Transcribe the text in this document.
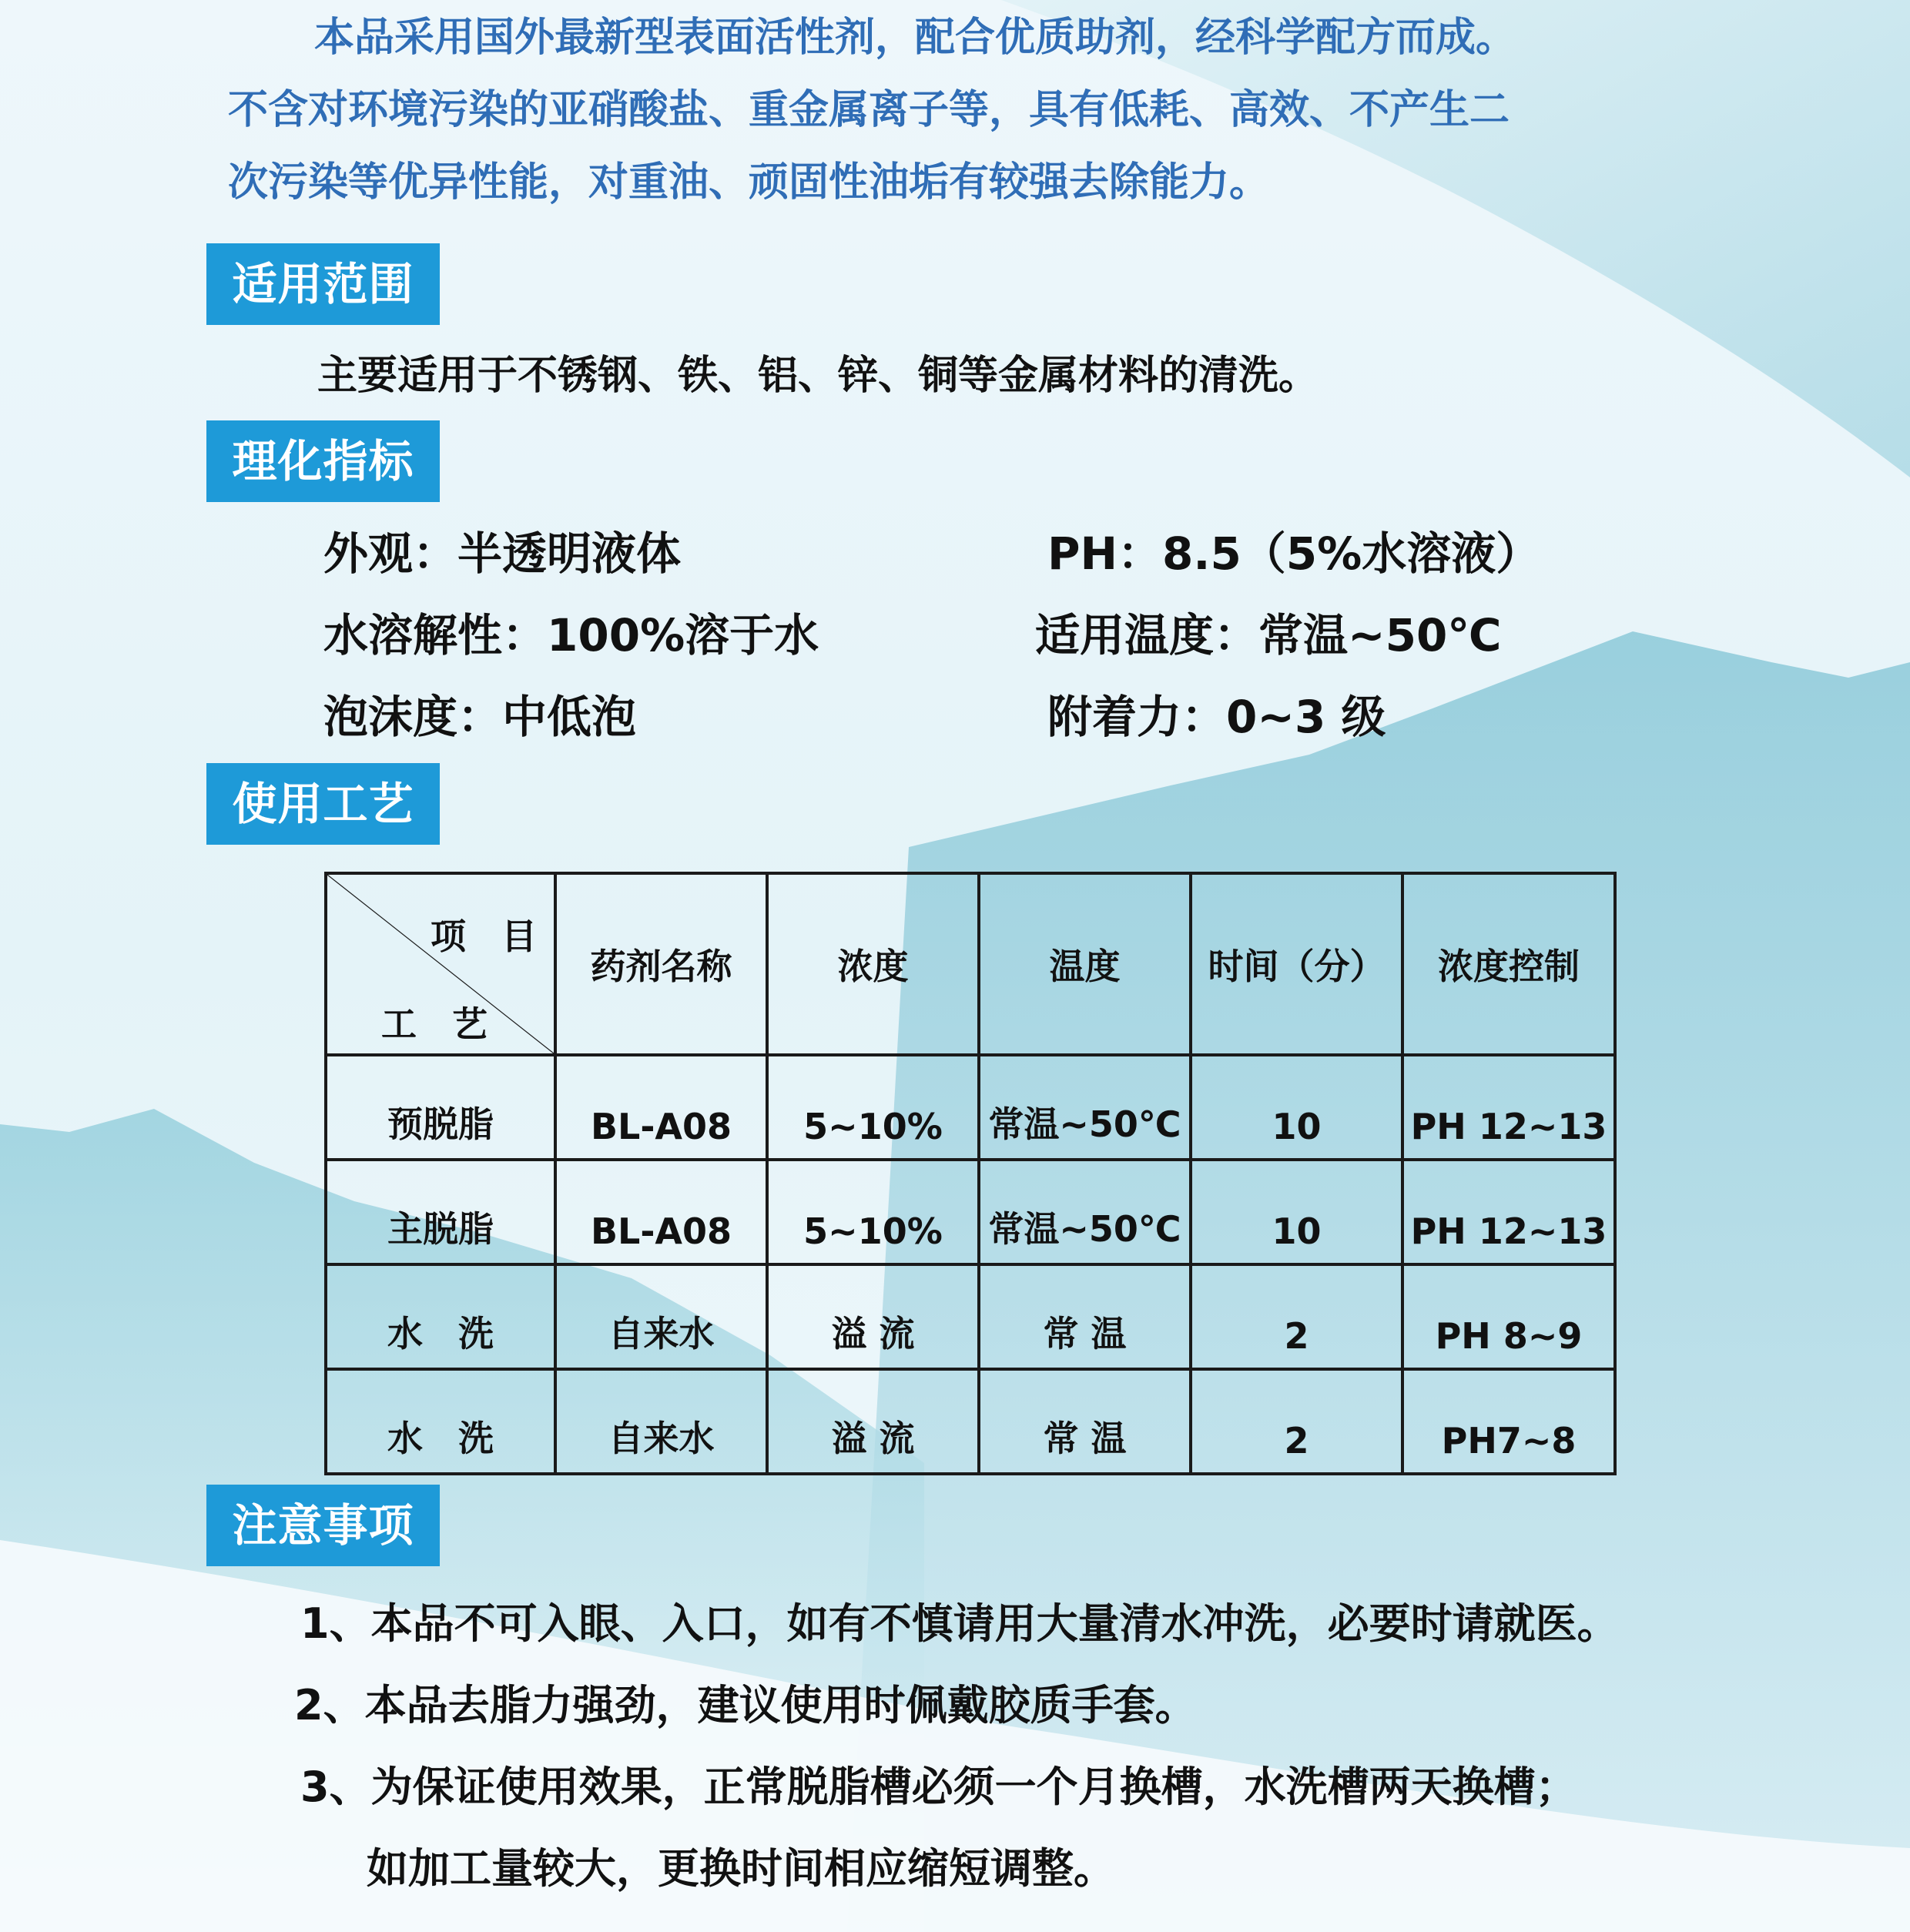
本品采用国外最新型表面活性剂，配合优质助剂，经科学配方而成。
不含对环境污染的亚硝酸盐、重金属离子等，具有低耗、高效、不产生二
次污染等优异性能，对重油、顽固性油垢有较强去除能力。
适用范围
主要适用于不锈钢、铁、铝、锌、铜等金属材料的清洗。
理化指标
外观：半透明液体	PH：8.5（5%水溶液）
水溶解性：100%溶于水	适用温度：常温~50℃
泡沫度：中低泡	附着力：0~3 级
使用工艺
项　目
工　艺	药剂名称	浓度	温度	时间（分）	浓度控制
预脱脂	BL-A08	5~10%	常温~50℃	10	PH 12~13
主脱脂	BL-A08	5~10%	常温~50℃	10	PH 12~13
水　洗	自来水	溢 流	常 温	2	PH 8~9
水　洗	自来水	溢 流	常 温	2	PH7~8
注意事项
1、本品不可入眼、入口，如有不慎请用大量清水冲洗，必要时请就医。
2、本品去脂力强劲，建议使用时佩戴胶质手套。
3、为保证使用效果，正常脱脂槽必须一个月换槽，水洗槽两天换槽；
如加工量较大，更换时间相应缩短调整。
